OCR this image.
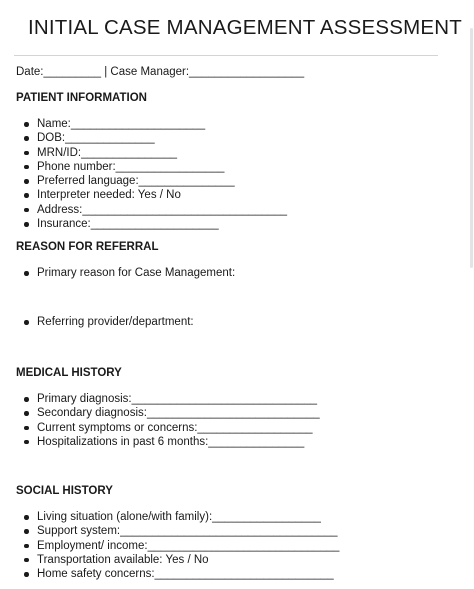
INITIAL CASE MANAGEMENT ASSESSMENT
Date:_________ | Case Manager:__________________
PATIENT INFORMATION
Name:_____________________
DOB:______________
MRN/ID:_______________
Phone number:_________________
Preferred language:_______________
Interpreter needed: Yes / No
Address:________________________________
Insurance:____________________
REASON FOR REFERRAL
Primary reason for Case Management:
Referring provider/department:
MEDICAL HISTORY
Primary diagnosis:_____________________________
Secondary diagnosis:___________________________
Current symptoms or concerns:__________________
Hospitalizations in past 6 months:_______________
SOCIAL HISTORY
Living situation (alone/with family):_________________
Support system:__________________________________
Employment/ income:______________________________
Transportation available: Yes / No
Home safety concerns:____________________________
